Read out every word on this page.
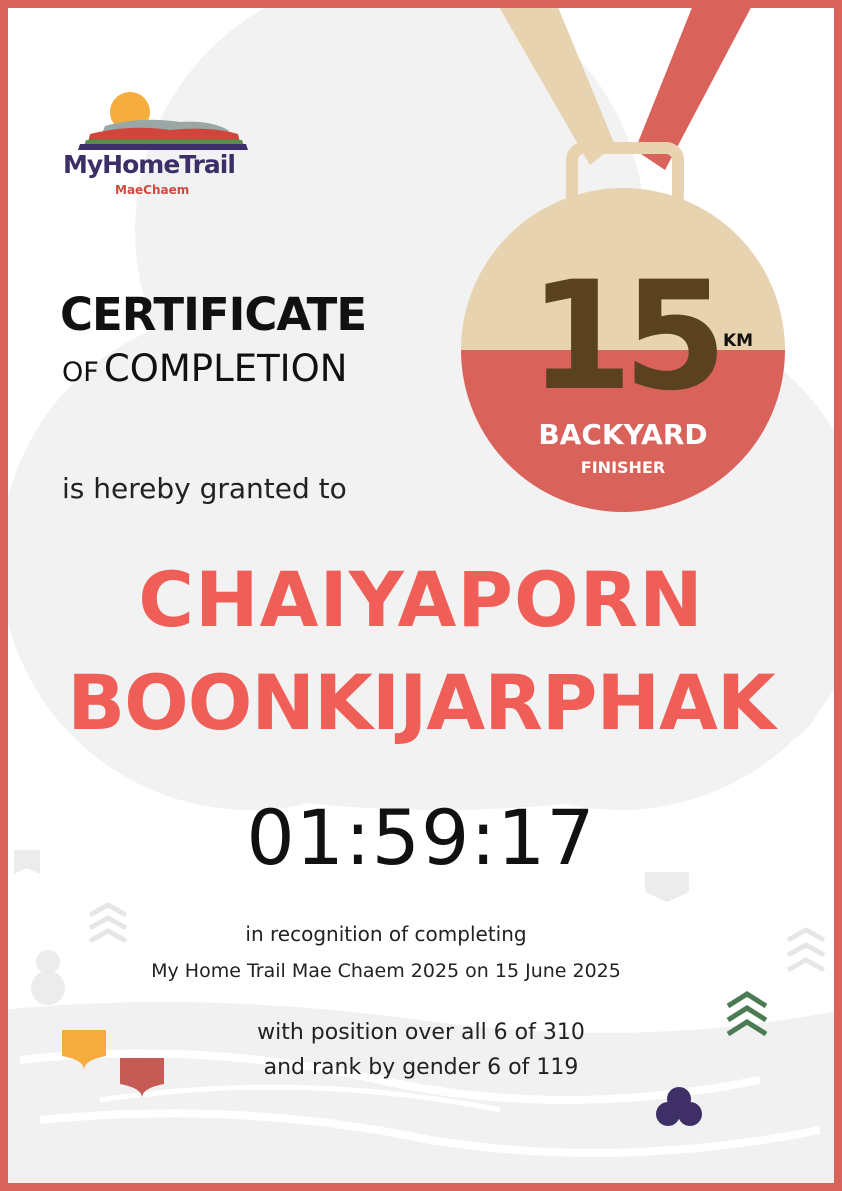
MyHomeTrail
MaeChaem
CERTIFICATE
OF COMPLETION
is hereby granted to
15 KM
BACKYARD
FINISHER
CHAIYAPORN
BOONKIJARPHAK
01:59:17
in recognition of completing
My Home Trail Mae Chaem 2025 on 15 June 2025
with position over all 6 of 310
and rank by gender 6 of 119
